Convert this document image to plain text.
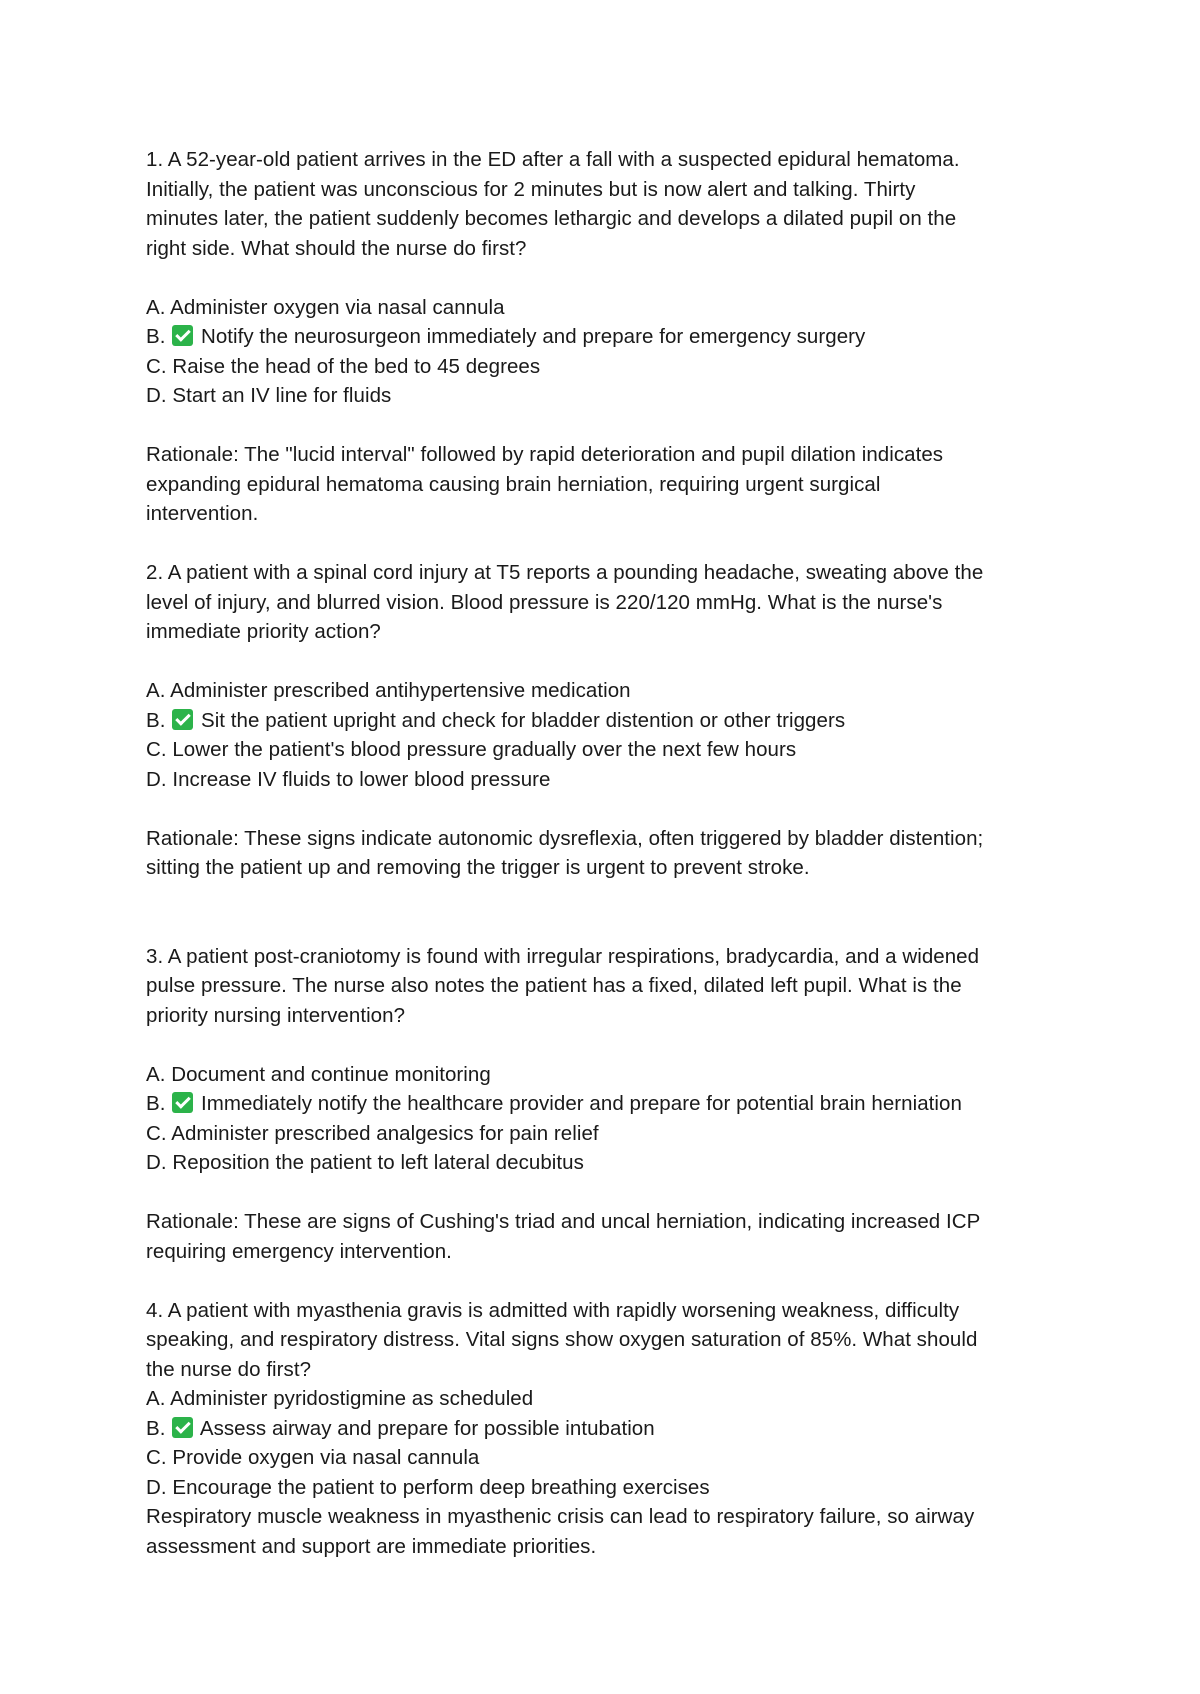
1. A 52-year-old patient arrives in the ED after a fall with a suspected epidural hematoma.
Initially, the patient was unconscious for 2 minutes but is now alert and talking. Thirty
minutes later, the patient suddenly becomes lethargic and develops a dilated pupil on the
right side. What should the nurse do first?
A. Administer oxygen via nasal cannula
B. Notify the neurosurgeon immediately and prepare for emergency surgery
C. Raise the head of the bed to 45 degrees
D. Start an IV line for fluids
Rationale: The "lucid interval" followed by rapid deterioration and pupil dilation indicates
expanding epidural hematoma causing brain herniation, requiring urgent surgical
intervention.
2. A patient with a spinal cord injury at T5 reports a pounding headache, sweating above the
level of injury, and blurred vision. Blood pressure is 220/120 mmHg. What is the nurse's
immediate priority action?
A. Administer prescribed antihypertensive medication
B. Sit the patient upright and check for bladder distention or other triggers
C. Lower the patient's blood pressure gradually over the next few hours
D. Increase IV fluids to lower blood pressure
Rationale: These signs indicate autonomic dysreflexia, often triggered by bladder distention;
sitting the patient up and removing the trigger is urgent to prevent stroke.
3. A patient post-craniotomy is found with irregular respirations, bradycardia, and a widened
pulse pressure. The nurse also notes the patient has a fixed, dilated left pupil. What is the
priority nursing intervention?
A. Document and continue monitoring
B. Immediately notify the healthcare provider and prepare for potential brain herniation
C. Administer prescribed analgesics for pain relief
D. Reposition the patient to left lateral decubitus
Rationale: These are signs of Cushing's triad and uncal herniation, indicating increased ICP
requiring emergency intervention.
4. A patient with myasthenia gravis is admitted with rapidly worsening weakness, difficulty
speaking, and respiratory distress. Vital signs show oxygen saturation of 85%. What should
the nurse do first?
A. Administer pyridostigmine as scheduled
B. Assess airway and prepare for possible intubation
C. Provide oxygen via nasal cannula
D. Encourage the patient to perform deep breathing exercises
Respiratory muscle weakness in myasthenic crisis can lead to respiratory failure, so airway
assessment and support are immediate priorities.
